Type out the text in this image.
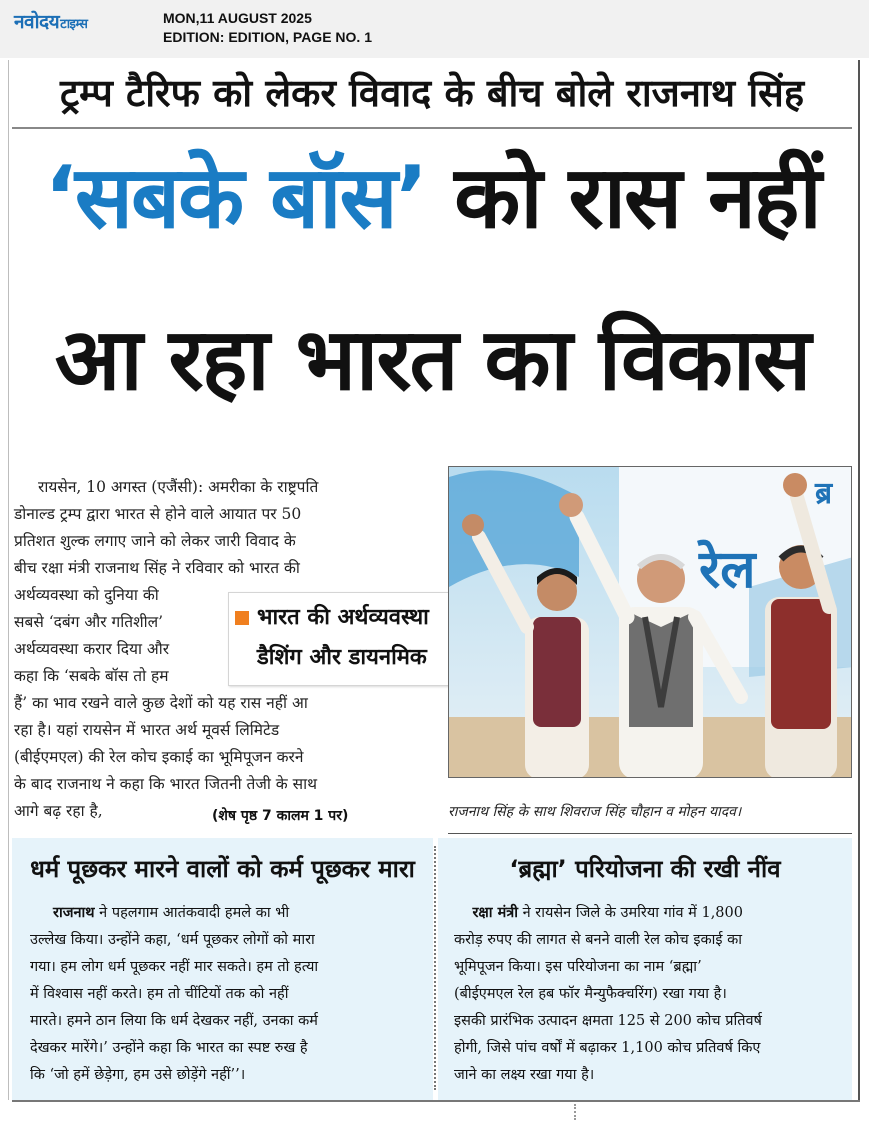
नवोदयटाइम्स	MON,11 AUGUST 2025
EDITION: EDITION, PAGE NO. 1
ट्रम्प टैरिफ को लेकर विवाद के बीच बोले राजनाथ सिंह
‘सबके बॉस’ को रास नहीं
आ रहा भारत का विकास
रायसेन, 10 अगस्त (एजैंसी): अमरीका के राष्ट्रपति
डोनाल्ड ट्रम्प द्वारा भारत से होने वाले आयात पर 50
प्रतिशत शुल्क लगाए जाने को लेकर जारी विवाद के
बीच रक्षा मंत्री राजनाथ सिंह ने रविवार को भारत की
अर्थव्यवस्था को दुनिया की
सबसे ‘दबंग और गतिशील’
अर्थव्यवस्था करार दिया और
कहा कि ‘सबके बॉस तो हम
हैं’ का भाव रखने वाले कुछ देशों को यह रास नहीं आ
रहा है। यहां रायसेन में भारत अर्थ मूवर्स लिमिटेड
(बीईएमएल) की रेल कोच इकाई का भूमिपूजन करने
के बाद राजनाथ ने कहा कि भारत जितनी तेजी के साथ
आगे बढ़ रहा है,	(शेष पृष्ठ 7 कालम 1 पर)
भारत की अर्थव्यवस्था
डैशिंग और डायनमिक
रेल
ब्र
राजनाथ सिंह के साथ शिवराज सिंह चौहान व मोहन यादव।
धर्म पूछकर मारने वालों को कर्म पूछकर मारा
राजनाथ ने पहलगाम आतंकवादी हमले का भी
उल्लेख किया। उन्होंने कहा, ‘धर्म पूछकर लोगों को मारा
गया। हम लोग धर्म पूछकर नहीं मार सकते। हम तो हत्या
में विश्वास नहीं करते। हम तो चींटियों तक को नहीं
मारते। हमने ठान लिया कि धर्म देखकर नहीं, उनका कर्म
देखकर मारेंगे।’ उन्होंने कहा कि भारत का स्पष्ट रुख है
कि ‘जो हमें छेड़ेगा, हम उसे छोड़ेंगे नहीं’’।
‘ब्रह्मा’ परियोजना की रखी नींव
रक्षा मंत्री ने रायसेन जिले के उमरिया गांव में 1,800
करोड़ रुपए की लागत से बनने वाली रेल कोच इकाई का
भूमिपूजन किया। इस परियोजना का नाम ‘ब्रह्मा’
(बीईएमएल रेल हब फॉर मैन्युफैक्चरिंग) रखा गया है।
इसकी प्रारंभिक उत्पादन क्षमता 125 से 200 कोच प्रतिवर्ष
होगी, जिसे पांच वर्षों में बढ़ाकर 1,100 कोच प्रतिवर्ष किए
जाने का लक्ष्य रखा गया है।
